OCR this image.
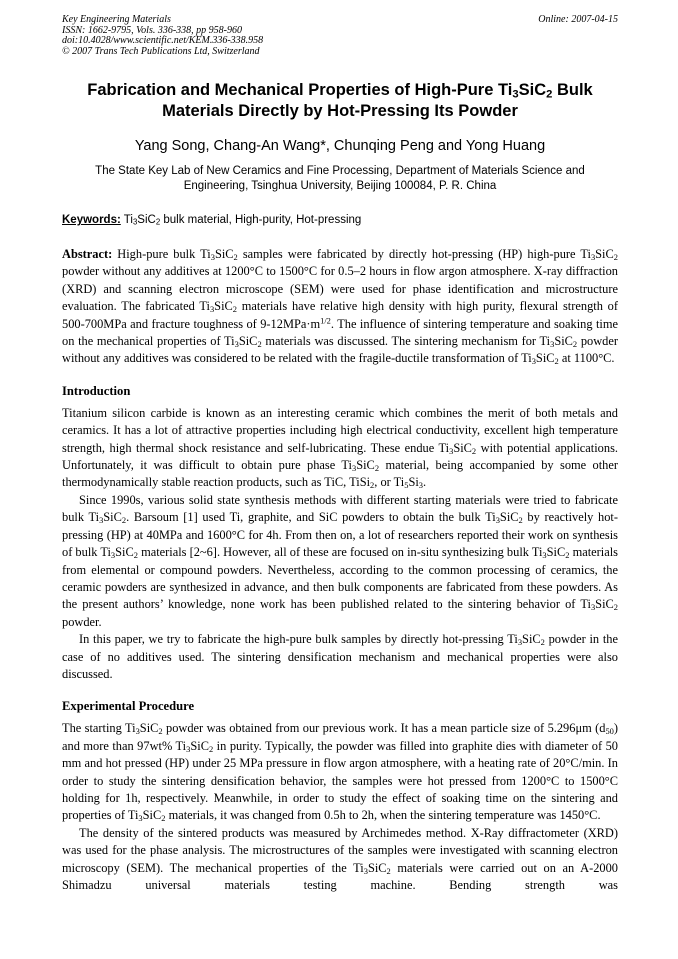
Key Engineering Materials
ISSN: 1662-9795, Vols. 336-338, pp 958-960
doi:10.4028/www.scientific.net/KEM.336-338.958
© 2007 Trans Tech Publications Ltd, Switzerland
Online: 2007-04-15
Fabrication and Mechanical Properties of High-Pure $Ti_3SiC_2$ Bulk Materials Directly by Hot-Pressing Its Powder
Yang Song, Chang-An Wang*, Chunqing Peng and Yong Huang
The State Key Lab of New Ceramics and Fine Processing, Department of Materials Science and Engineering, Tsinghua University, Beijing 100084, P. R. China
Keywords: $Ti_3SiC_2$ bulk material, High-purity, Hot-pressing

Abstract: High-pure bulk $Ti_3SiC_2$ samples were fabricated by directly hot-pressing (HP) high-pure $Ti_3SiC_2$ powder without any additives at 1200°C to 1500°C for 0.5–2 hours in flow argon atmosphere. X-ray diffraction (XRD) and scanning electron microscope (SEM) were used for phase identification and microstructure evaluation. The fabricated $Ti_3SiC_2$ materials have relative high density with high purity, flexural strength of 500-700MPa and fracture toughness of $9-12MPa\cdot m^{1/2}$. The influence of sintering temperature and soaking time on the mechanical properties of $Ti_3SiC_2$ materials was discussed. The sintering mechanism for $Ti_3SiC_2$ powder without any additives was considered to be related with the fragile-ductile transformation of $Ti_3SiC_2$ at 1100°C.

Introduction

Titanium silicon carbide is known as an interesting ceramic which combines the merit of both metals and ceramics. It has a lot of attractive properties including high electrical conductivity, excellent high temperature strength, high thermal shock resistance and self-lubricating. These endue $Ti_3SiC_2$ with potential applications. Unfortunately, it was difficult to obtain pure phase $Ti_3SiC_2$ material, being accompanied by some other thermodynamically stable reaction products, such as TiC, TiSi$_2$, or $Ti_5Si_3$.

Since 1990s, various solid state synthesis methods with different starting materials were tried to fabricate bulk $Ti_3SiC_2$. Barsoum [1] used Ti, graphite, and SiC powders to obtain the bulk $Ti_3SiC_2$ by reactively hot-pressing (HP) at 40MPa and 1600°C for 4h. From then on, a lot of researchers reported their work on synthesis of bulk $Ti_3SiC_2$ materials [2~6]. However, all of these are focused on in-situ synthesizing bulk $Ti_3SiC_2$ materials from elemental or compound powders. Nevertheless, according to the common processing of ceramics, the ceramic powders are synthesized in advance, and then bulk components are fabricated from these powders. As the present authors’ knowledge, none work has been published related to the sintering behavior of $Ti_3SiC_2$ powder.

In this paper, we try to fabricate the high-pure bulk samples by directly hot-pressing $Ti_3SiC_2$ powder in the case of no additives used. The sintering densification mechanism and mechanical properties were also discussed.

Experimental Procedure

The starting $Ti_3SiC_2$ powder was obtained from our previous work. It has a mean particle size of 5.296μm $(d_{50})$ and more than 97wt% $Ti_3SiC_2$ in purity. Typically, the powder was filled into graphite dies with diameter of 50 mm and hot pressed (HP) under 25 MPa pressure in flow argon atmosphere, with a heating rate of 20°C/min. In order to study the sintering densification behavior, the samples were hot pressed from 1200°C to 1500°C holding for 1h, respectively. Meanwhile, in order to study the effect of soaking time on the sintering and properties of $Ti_3SiC_2$ materials, it was changed from 0.5h to 2h, when the sintering temperature was 1450°C.

The density of the sintered products was measured by Archimedes method. X-Ray diffractometer (XRD) was used for the phase analysis. The microstructures of the samples were investigated with scanning electron microscopy (SEM). The mechanical properties of the $Ti_3SiC_2$ materials were carried out on an A-2000 Shimadzu universal materials testing machine. Bending strength was
